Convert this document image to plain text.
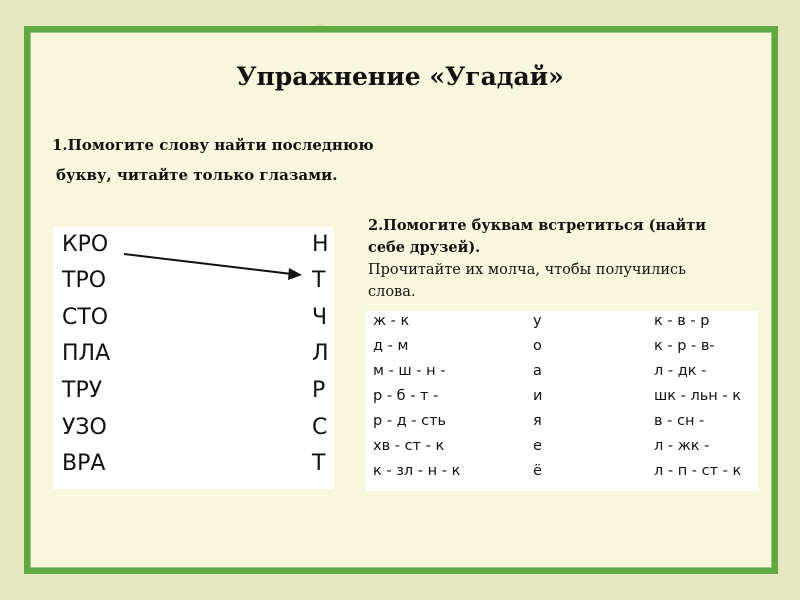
Упражнение «Угадай»
1.Помогите слову найти последнюю
букву, читайте только глазами.
КРО	Н
ТРО	Т
СТО	Ч
ПЛА	Л
ТРУ	Р
УЗО	С
ВРА	Т
2.Помогите буквам встретиться (найти
себе друзей).
Прочитайте их молча, чтобы получились
слова.
ж - к	у	к - в - р
д - м	о	к - р - в-
м - ш - н -	а	л - дк -
р - б - т -	и	шк - льн - к
р - д - сть	я	в - сн -
хв - ст - к	е	л - жк -
к - зл - н - к	ё	л - п - ст - к
